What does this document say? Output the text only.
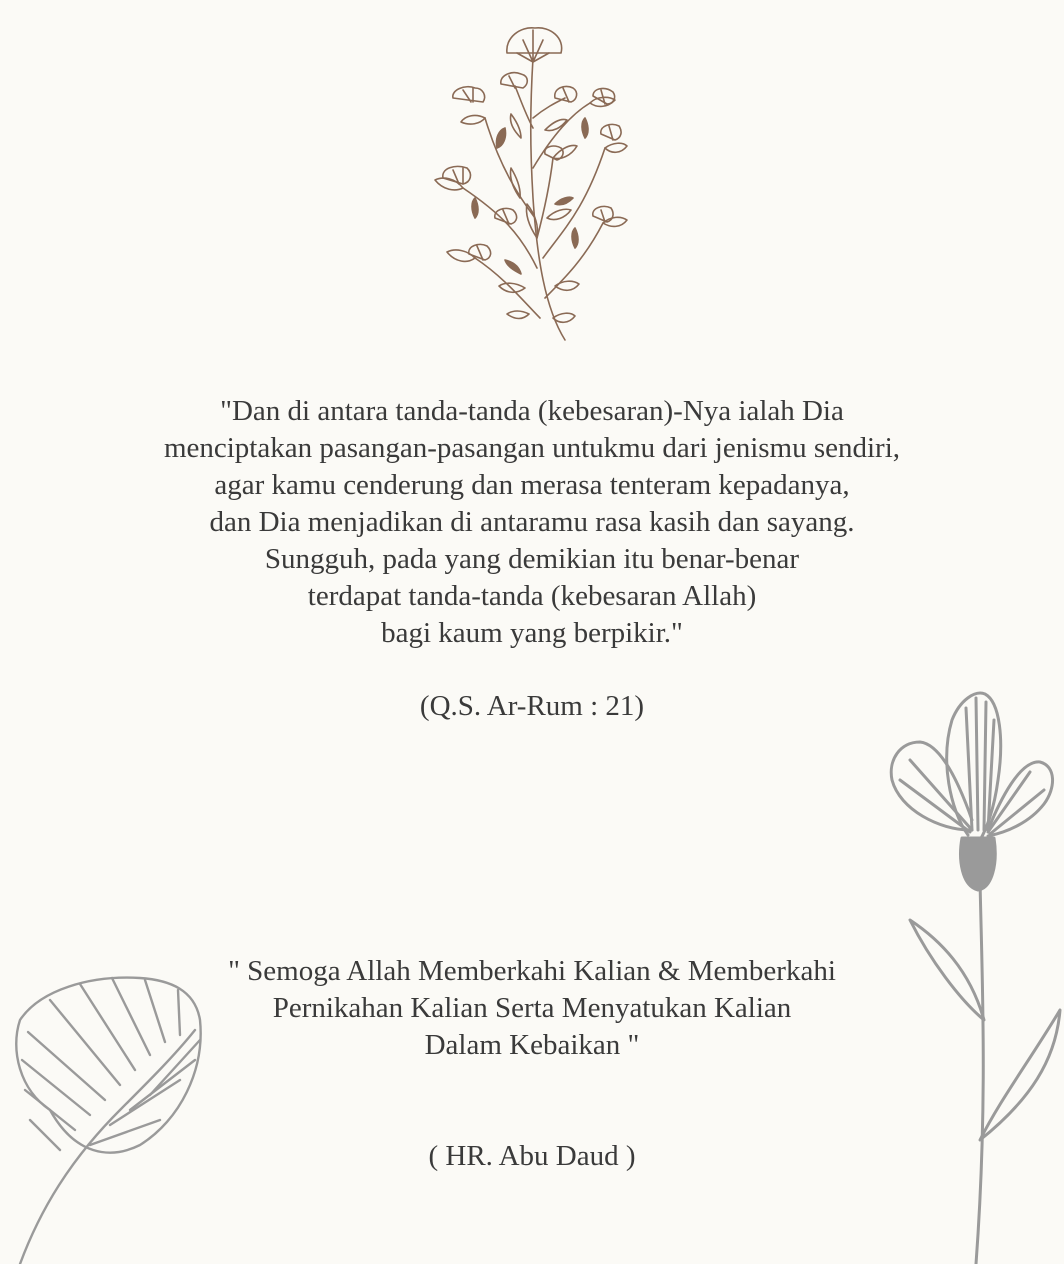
"Dan di antara tanda-tanda (kebesaran)-Nya ialah Dia
menciptakan pasangan-pasangan untukmu dari jenismu sendiri,
agar kamu cenderung dan merasa tenteram kepadanya,
dan Dia menjadikan di antaramu rasa kasih dan sayang.
Sungguh, pada yang demikian itu benar-benar
terdapat tanda-tanda (kebesaran Allah)
bagi kaum yang berpikir."
(Q.S. Ar-Rum : 21)
" Semoga Allah Memberkahi Kalian & Memberkahi
Pernikahan Kalian Serta Menyatukan Kalian
Dalam Kebaikan "
( HR. Abu Daud )
